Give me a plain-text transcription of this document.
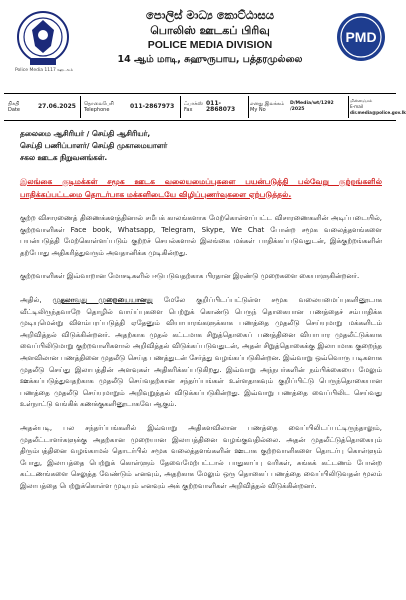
Police Media 1117 ஊடகம்
පොලිස් මාධ්‍ය කොට්ඨාසය
பொலிஸ் ஊடகப் பிரிவு
POLICE MEDIA DIVISION
14 ஆம் மாடி, சுஹுருபாய, பத்தரமுல்லை
PMD
திகதி
Date	27.06.2025	தொலைபேசி
Telephone	011-2867973	ஃபாக்ஸ்
Fax
011-2868073
எனது இலக்கம்
My No
D/Media/wt/1292 /2025
மின்னஞ்சல்
E-mail
dir.media@police.gov.lk
தலைமை ஆசிரியர் / செய்தி ஆசிரியர்,
செய்தி பணிப்பாளர்/ செய்தி முகாமையாளர்
சகல ஊடக நிறுவனங்கள்.
இலங்கை குடிமக்கள் சமூக ஊடக வலையமைப்புகளை பயன்படுத்தி பல்வேறு குற்றங்களில் பாதிக்கப்பட்டமை தொடர்பாக மக்களிடையே விழிப்புணர்வுகளை ஏற்படுத்தல்.
குற்ற விசாரணைத் திணைக்களத்தினால் சமீபக் காலங்களாக மேற்கொள்ளப்பட்ட விசாரணைகளின் அடிப்படையில், குற்றவாளிகள் Face book, Whatsapp, Telegram, Skype, We Chat போன்ற சமூக வலைத்தளங்களை பயன்படுத்தி மேற்கொள்ளப்படும் குற்றச் செயல்களால் இலங்கை மக்கள் பாதிக்கப்படுவதுடன், இக்குற்றங்களின் தற்போது அதிகரித்துவரும் அவதானிக்க முடிகின்றது.
குற்றவாளிகள் இவ்வாறான மோசடிகளில் ஈடுபடுவதற்காக பிரதான இரண்டு முறைகளை கையாளுகின்றனர்.
அதில், முதலாவது முறையையானது மேலே குறிப்பிடப்பட்டுள்ள சமூக வலையமைப்புகளினூடாக வீட்டிலிருந்தவாறே தொழில் வாய்ப்புகளை பெற்றுக் கொண்டு பெருந் தொகையான பணத்தைச் சம்பாதிக்க முடியுமென்று விளம்பரப்படுத்தி ஏதேனும் வியாபாரங்களுக்காக பணத்தை முதலீடு செய்யுமாறு மக்களிடம் அறிவித்தல் விடுக்கின்றனர். அதற்காக முதல் கட்டமாக சிறுத்தொகைப் பணத்தினை வியாபார முதலீட்டுக்காக வைப்பிலிடுமாறு குற்றவாளிகளால் அறிவித்தல் விடுக்கப்படுவதுடன், அதன் சிறுத்தொகைக்கு இலாபமாக குறைந்த அளவிலான பணத்தினை முதலீடு செய்த பணத்துடன் சேர்த்து வழங்கப்படுகின்றன. இவ்வாறு ஒவ்வொரு படிகளாக முதலீடு செய்து இலாபத்தின் அளவுகள் அதிகரிக்கப்படுகிறது. இவ்வாறு அந்நபர்களின் நம்பிக்கையை மேலும் ஊக்கப்படுத்துவதற்காக முதலீடு செய்வதற்கான சந்தர்ப்பங்கள் உள்ளதாகவும் குறிப்பிட்டு பெருந்தொகையான பணத்தை முதலீடு செய்யுமாறும் அறிவுறுத்தல் விடுக்கப்படுகின்றது. இவ்வாறு பணத்தை வைப்பிலிட செய்வது உள்நாட்டு வங்கிக் கணக்குகளினூடாகவே ஆகும்.
அதன்படி, பல சந்தர்ப்பங்களில் இவ்வாறு அதிகளவிலான பணத்தை வைப்பிலிடப்பட்டிருந்தாலும், முதலீட்டாளர்களுக்கு அதற்கான முறையான இலாபத்தினை வழங்குவதில்லை. அதன் முதலீட்டுத்தொகையும் திரும்பத்தினை வழங்காமல் தொடர்பில் சமூக வலைத்தளங்களின் ஊடாக குற்றவாளிகளை தொடர்பு கொள்ளும் போது, இலாபத்தை பெற்றுக் கொள்ளும் தேவைமேற்பட்டால் பாதுகாப்பு வரிகள், சுங்கக் கட்டணம் போன்ற கட்டணங்களை செலுத்த வேண்டும் எனவும், அதற்காக மேலும் ஒரு தொகைப் பணத்தை வைப்பிலிடுவதன் மூலம் இலாபத்தை பெற்றுக்கொள்ள முடியும் எனவும் அக் குற்றவாளிகள் அறிவித்தல் விடுக்கின்றனர்.
